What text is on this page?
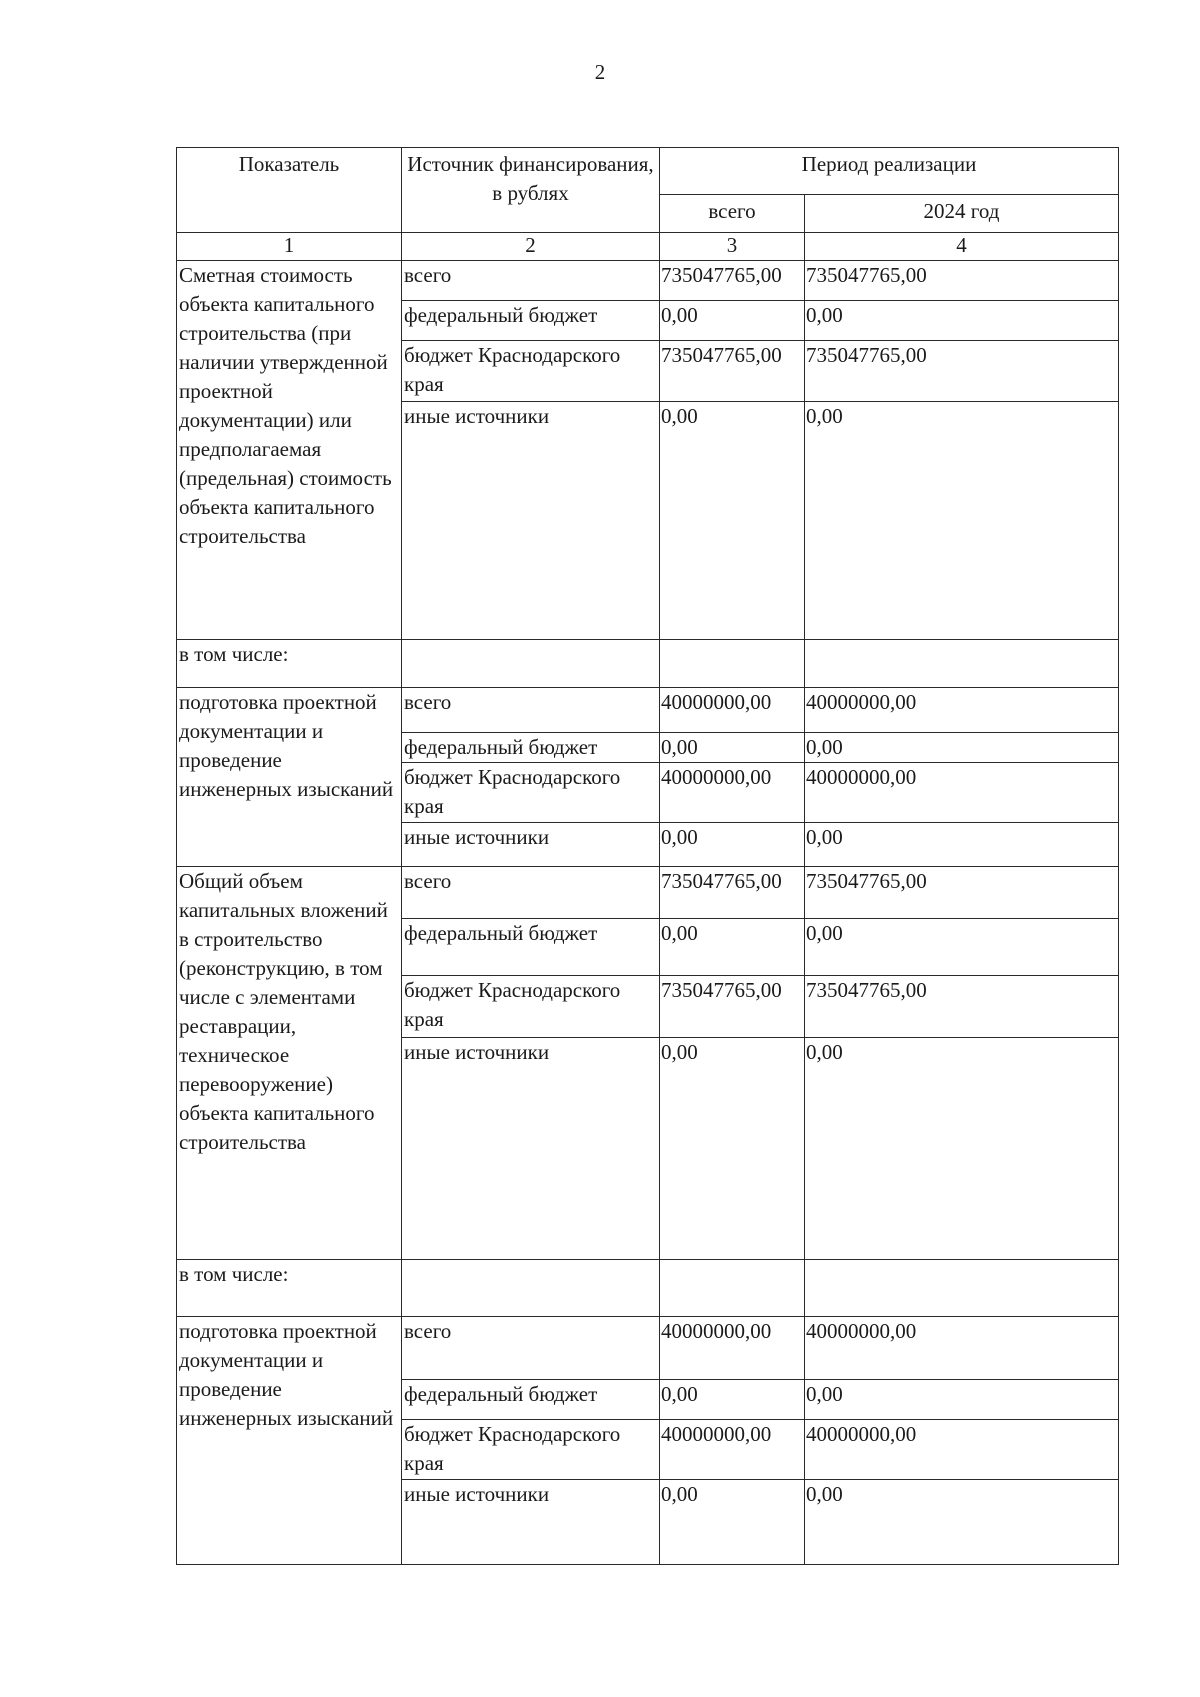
2
Показатель	Источник финансирования, в рублях	Период реализации	
		всего	2024 год
1	2	3	4
Сметная стоимость объекта капитального строительства (при наличии утвержденной проектной документации) или предполагаемая (предельная) стоимость объекта капитального строительства	всего	735047765,00	735047765,00
	федеральный бюджет	0,00	0,00
	бюджет Краснодарского края	735047765,00	735047765,00
	иные источники	0,00	0,00
в том числе:			
подготовка проектной документации и проведение инженерных изысканий	всего	40000000,00	40000000,00
	федеральный бюджет	0,00	0,00
	бюджет Краснодарского края	40000000,00	40000000,00
	иные источники	0,00	0,00
Общий объем капитальных вложений в строительство (реконструкцию, в том числе с элементами реставрации, техническое перевооружение) объекта капитального строительства	всего	735047765,00	735047765,00
	федеральный бюджет	0,00	0,00
	бюджет Краснодарского края	735047765,00	735047765,00
	иные источники	0,00	0,00
в том числе:			
подготовка проектной документации и проведение инженерных изысканий	всего	40000000,00	40000000,00
	федеральный бюджет	0,00	0,00
	бюджет Краснодарского края	40000000,00	40000000,00
	иные источники	0,00	0,00
